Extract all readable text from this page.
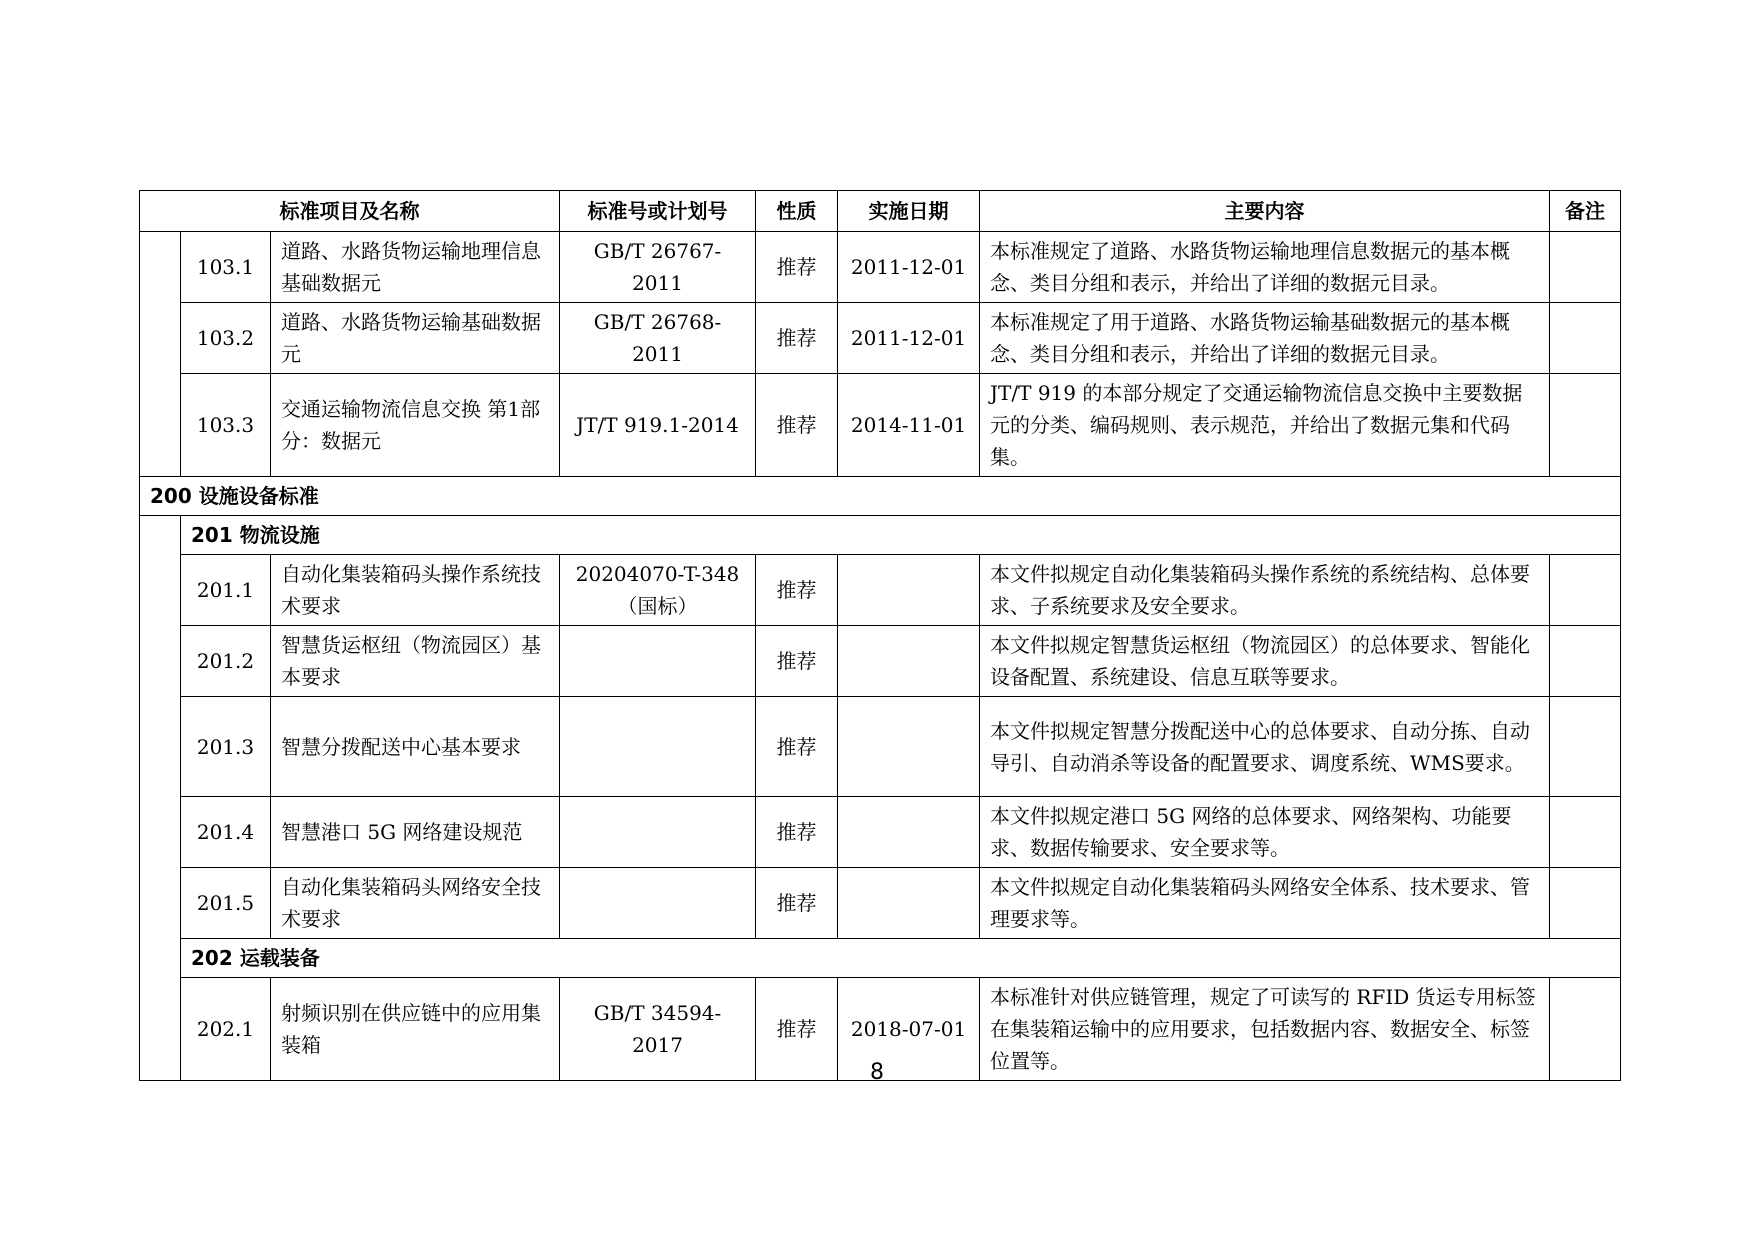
标准项目及名称			标准号或计划号	性质	实施日期	主要内容	备注
	103.1	道路、水路货物运输地理信息基础数据元	GB/T 26767-2011	推荐	2011-12-01	本标准规定了道路、水路货物运输地理信息数据元的基本概念、类目分组和表示，并给出了详细的数据元目录。	
	103.2	道路、水路货物运输基础数据元	GB/T 26768-2011	推荐	2011-12-01	本标准规定了用于道路、水路货物运输基础数据元的基本概念、类目分组和表示，并给出了详细的数据元目录。	
	103.3	交通运输物流信息交换 第1部分：数据元	JT/T 919.1-2014	推荐	2014-11-01	JT/T 919 的本部分规定了交通运输物流信息交换中主要数据元的分类、编码规则、表示规范，并给出了数据元集和代码集。	
200 设施设备标准							
	201 物流设施						
	201.1	自动化集装箱码头操作系统技术要求	20204070-T-348（国标）	推荐		本文件拟规定自动化集装箱码头操作系统的系统结构、总体要求、子系统要求及安全要求。	
	201.2	智慧货运枢纽（物流园区）基本要求		推荐		本文件拟规定智慧货运枢纽（物流园区）的总体要求、智能化设备配置、系统建设、信息互联等要求。	
	201.3	智慧分拨配送中心基本要求		推荐		本文件拟规定智慧分拨配送中心的总体要求、自动分拣、自动导引、自动消杀等设备的配置要求、调度系统、WMS要求。	
	201.4	智慧港口 5G 网络建设规范		推荐		本文件拟规定港口 5G 网络的总体要求、网络架构、功能要求、数据传输要求、安全要求等。	
	201.5	自动化集装箱码头网络安全技术要求		推荐		本文件拟规定自动化集装箱码头网络安全体系、技术要求、管理要求等。	
	202 运载装备						
	202.1	射频识别在供应链中的应用集装箱	GB/T 34594-2017	推荐	2018-07-01	本标准针对供应链管理，规定了可读写的 RFID 货运专用标签在集装箱运输中的应用要求，包括数据内容、数据安全、标签位置等。	
8
